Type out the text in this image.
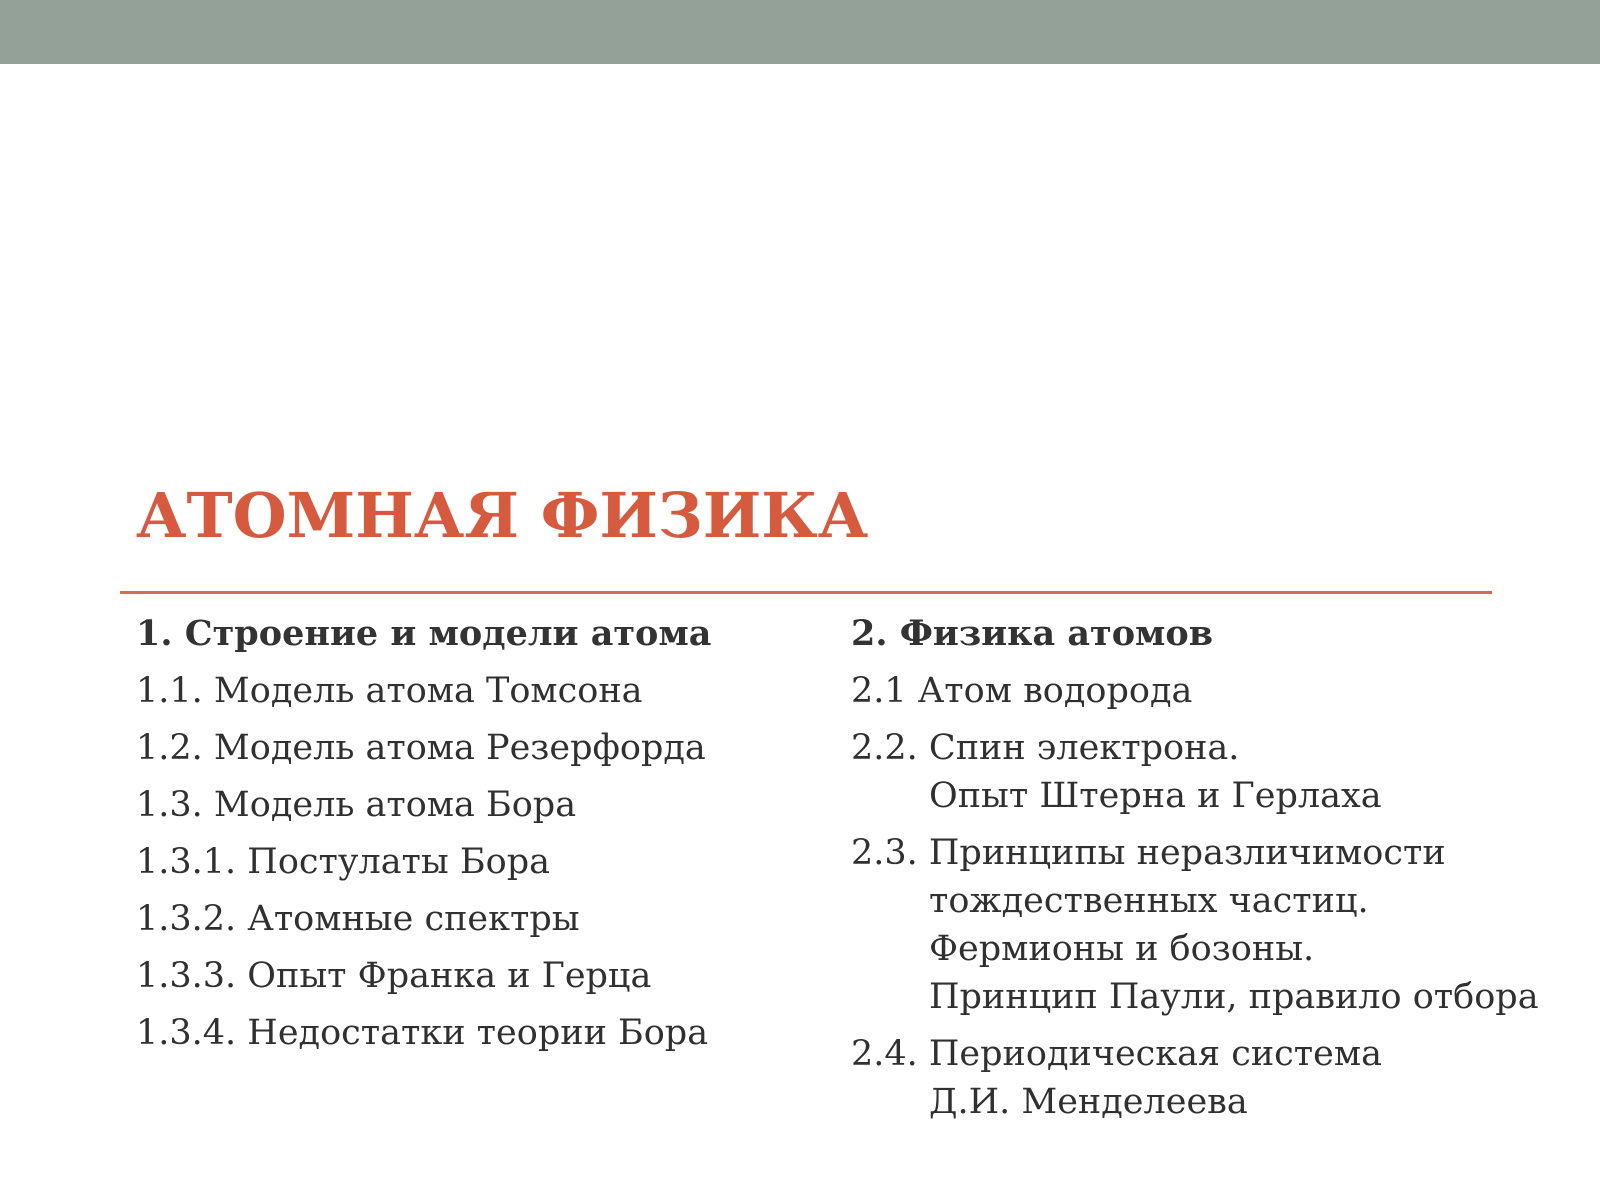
АТОМНАЯ ФИЗИКА
1. Строение и модели атома
1.1. Модель атома Томсона
1.2. Модель атома Резерфорда
1.3. Модель атома Бора
1.3.1. Постулаты Бора
1.3.2. Атомные спектры
1.3.3. Опыт Франка и Герца
1.3.4. Недостатки теории Бора
2. Физика атомов
2.1 Атом водорода
2.2. Спин электрона.
Опыт Штерна и Герлаха
2.3. Принципы неразличимости
тождественных частиц.
Фермионы и бозоны.
Принцип Паули, правило отбора
2.4. Периодическая система
Д.И. Менделеева
